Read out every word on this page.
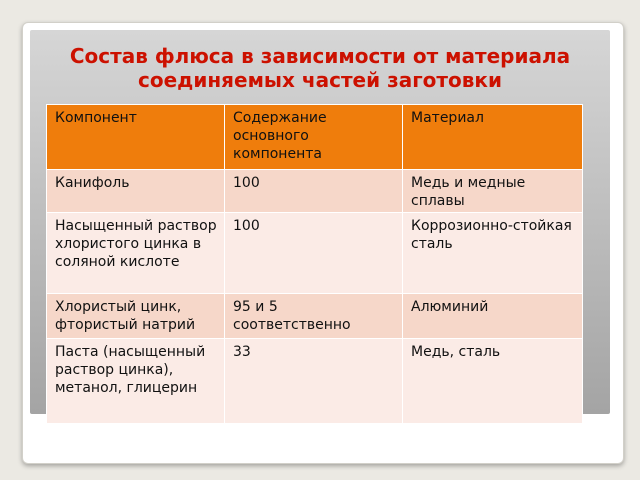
Состав флюса в зависимости от материала
соединяемых частей заготовки
Компонент	Содержание основного компонента	Материал
Канифоль	100	Медь и медные сплавы
Насыщенный раствор хлористого цинка в соляной кислоте	100	Коррозионно-стойкая сталь
Хлористый цинк, фтористый натрий	95 и 5 соответственно	Алюминий
Паста (насыщенный раствор цинка), метанол, глицерин	33	Медь, сталь
